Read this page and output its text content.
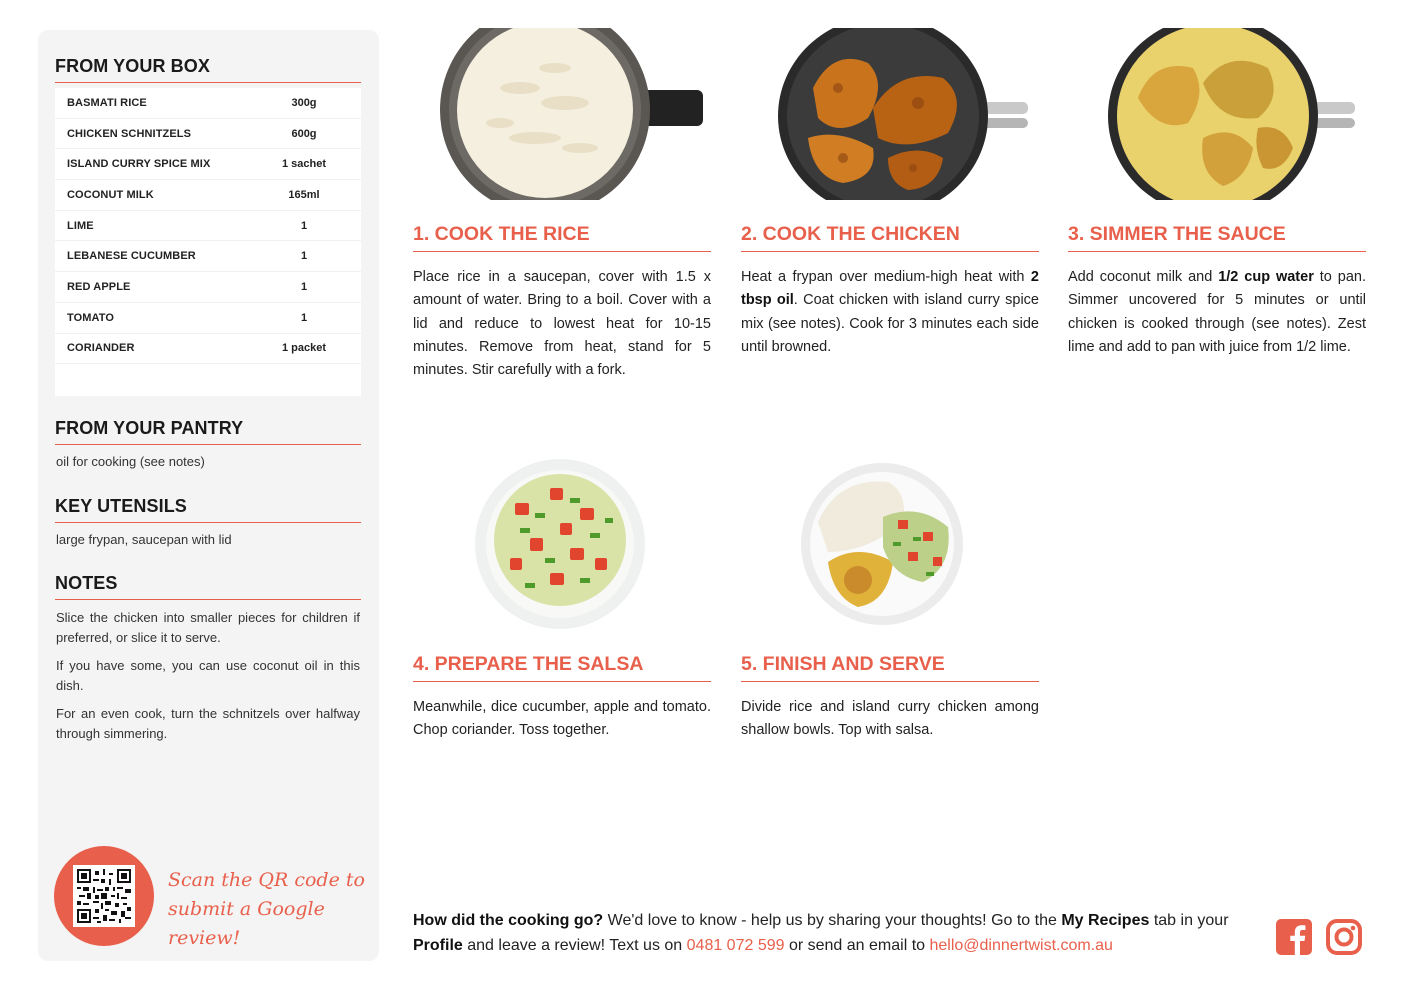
FROM YOUR BOX
BASMATI RICE	300g
CHICKEN SCHNITZELS	600g
ISLAND CURRY SPICE MIX	1 sachet
COCONUT MILK	165ml
LIME	1
LEBANESE CUCUMBER	1
RED APPLE	1
TOMATO	1
CORIANDER	1 packet
FROM YOUR PANTRY
oil for cooking (see notes)
KEY UTENSILS
large frypan, saucepan with lid
NOTES

Slice the chicken into smaller pieces for children if preferred, or slice it to serve.

If you have some, you can use coconut oil in this dish.

For an even cook, turn the schnitzels over halfway through simmering.

Scan the QR code to
submit a Google review!
1. COOK THE RICE
Place rice in a saucepan, cover with 1.5 x amount of water. Bring to a boil. Cover with a lid and reduce to lowest heat for 10-15 minutes. Remove from heat, stand for 5 minutes. Stir carefully with a fork.
2. COOK THE CHICKEN
Heat a frypan over medium-high heat with 2 tbsp oil. Coat chicken with island curry spice mix (see notes). Cook for 3 minutes each side until browned.
3. SIMMER THE SAUCE
Add coconut milk and 1/2 cup water to pan. Simmer uncovered for 5 minutes or until chicken is cooked through (see notes). Zest lime and add to pan with juice from 1/2 lime.
4. PREPARE THE SALSA
Meanwhile, dice cucumber, apple and tomato. Chop coriander. Toss together.
5. FINISH AND SERVE
Divide rice and island curry chicken among shallow bowls. Top with salsa.
How did the cooking go? We'd love to know - help us by sharing your thoughts! Go to the My Recipes tab in your Profile and leave a review! Text us on 0481 072 599 or send an email to hello@dinnertwist.com.au
